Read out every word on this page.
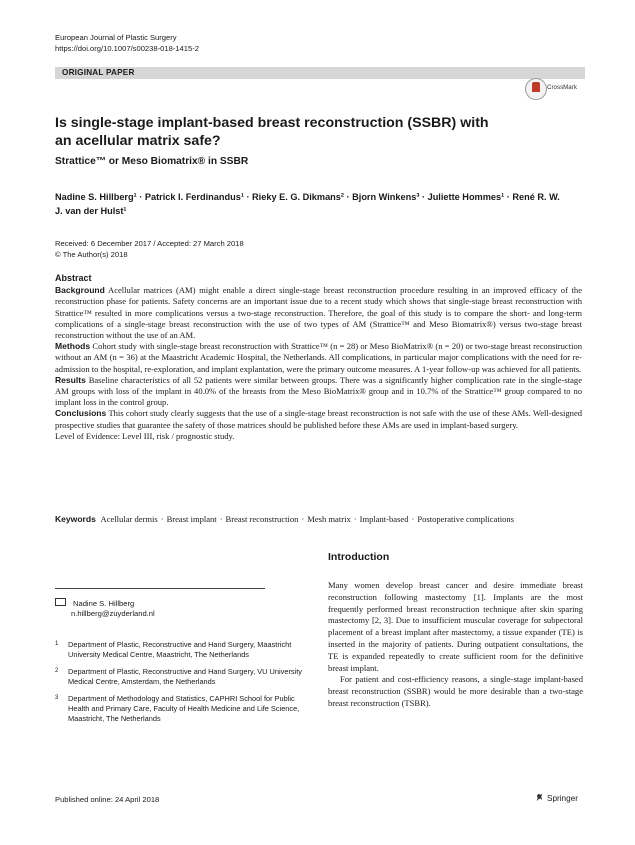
European Journal of Plastic Surgery
https://doi.org/10.1007/s00238-018-1415-2
ORIGINAL PAPER
CrossMark
Is single-stage implant-based breast reconstruction (SSBR) with an acellular matrix safe?
Strattice™ or Meso Biomatrix® in SSBR
Nadine S. Hillberg¹ · Patrick I. Ferdinandus¹ · Rieky E. G. Dikmans² · Bjorn Winkens³ · Juliette Hommes¹ · René R. W.
J. van der Hulst¹
Received: 6 December 2017 / Accepted: 27 March 2018
© The Author(s) 2018
Abstract

Background Acellular matrices (AM) might enable a direct single-stage breast reconstruction procedure resulting in an improved efficacy of the reconstruction phase for patients. Safety concerns are an important issue due to a recent study which shows that single-stage breast reconstruction with Strattice™ resulted in more complications versus a two-stage reconstruction. Therefore, the goal of this study is to compare the short- and long-term complications of a single-stage breast reconstruction with the use of two types of AM (Strattice™ and Meso Biomatrix®) versus two-stage breast reconstruction without the use of an AM.

Methods Cohort study with single-stage breast reconstruction with Strattice™ (n = 28) or Meso BioMatrix® (n = 20) or two-stage breast reconstruction without an AM (n = 36) at the Maastricht Academic Hospital, the Netherlands. All complications, in particular major complications with the need for re-admission to the hospital, re-exploration, and implant explantation, were the primary outcome measures. A 1-year follow-up was achieved for all patients.

Results Baseline characteristics of all 52 patients were similar between groups. There was a significantly higher complication rate in the single-stage AM groups with loss of the implant in 40.0% of the breasts from the Meso BioMatrix® group and in 10.7% of the Strattice™ group compared to no implant loss in the control group.

Conclusions This cohort study clearly suggests that the use of a single-stage breast reconstruction is not safe with the use of these AMs. Well-designed prospective studies that guarantee the safety of those matrices should be published before these AMs are used in implant-based surgery.

Level of Evidence: Level III, risk / prognostic study.

Keywords Acellular dermis · Breast implant · Breast reconstruction · Mesh matrix · Implant-based · Postoperative complications
Introduction

Many women develop breast cancer and desire immediate breast reconstruction following mastectomy [1]. Implants are the most frequently performed breast reconstruction technique after skin sparing mastectomy [2, 3]. Due to insufficient muscular coverage for subpectoral placement of a breast implant after mastectomy, a tissue expander (TE) is inserted in the majority of patients. During outpatient consultations, the TE is expanded repeatedly to create sufficient room for the definitive breast implant.

For patient and cost-efficiency reasons, a single-stage implant-based breast reconstruction (SSBR) would be more desirable than a two-stage breast reconstruction (TSBR).

Nadine S. Hillberg
n.hillberg@zuyderland.nl
1 Department of Plastic, Reconstructive and Hand Surgery, Maastricht University Medical Centre, Maastricht, The Netherlands
2 Department of Plastic, Reconstructive and Hand Surgery, VU University Medical Centre, Amsterdam, the Netherlands
3 Department of Methodology and Statistics, CAPHRI School for Public Health and Primary Care, Faculty of Health Medicine and Life Science, Maastricht, The Netherlands
Published online: 24 April 2018	Springer
